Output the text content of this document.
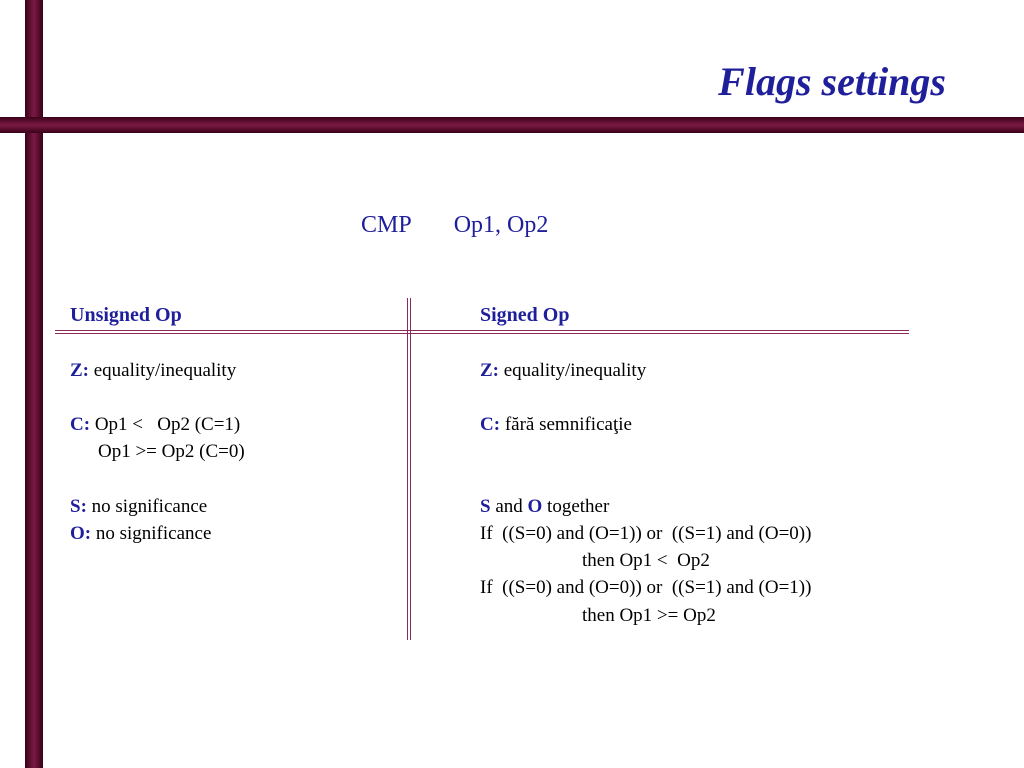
Flags settings
CMP Op1, Op2
Unsigned Op
Z: equality/inequality
C: Op1 <   Op2 (C=1)
Op1 >= Op2 (C=0)
S: no significance
O: no significance
Signed Op
Z: equality/inequality
C: fără semnificaţie
S and O together
If  ((S=0) and (O=1)) or  ((S=1) and (O=0))
then Op1 <  Op2
If  ((S=0) and (O=0)) or  ((S=1) and (O=1))
then Op1 >= Op2
